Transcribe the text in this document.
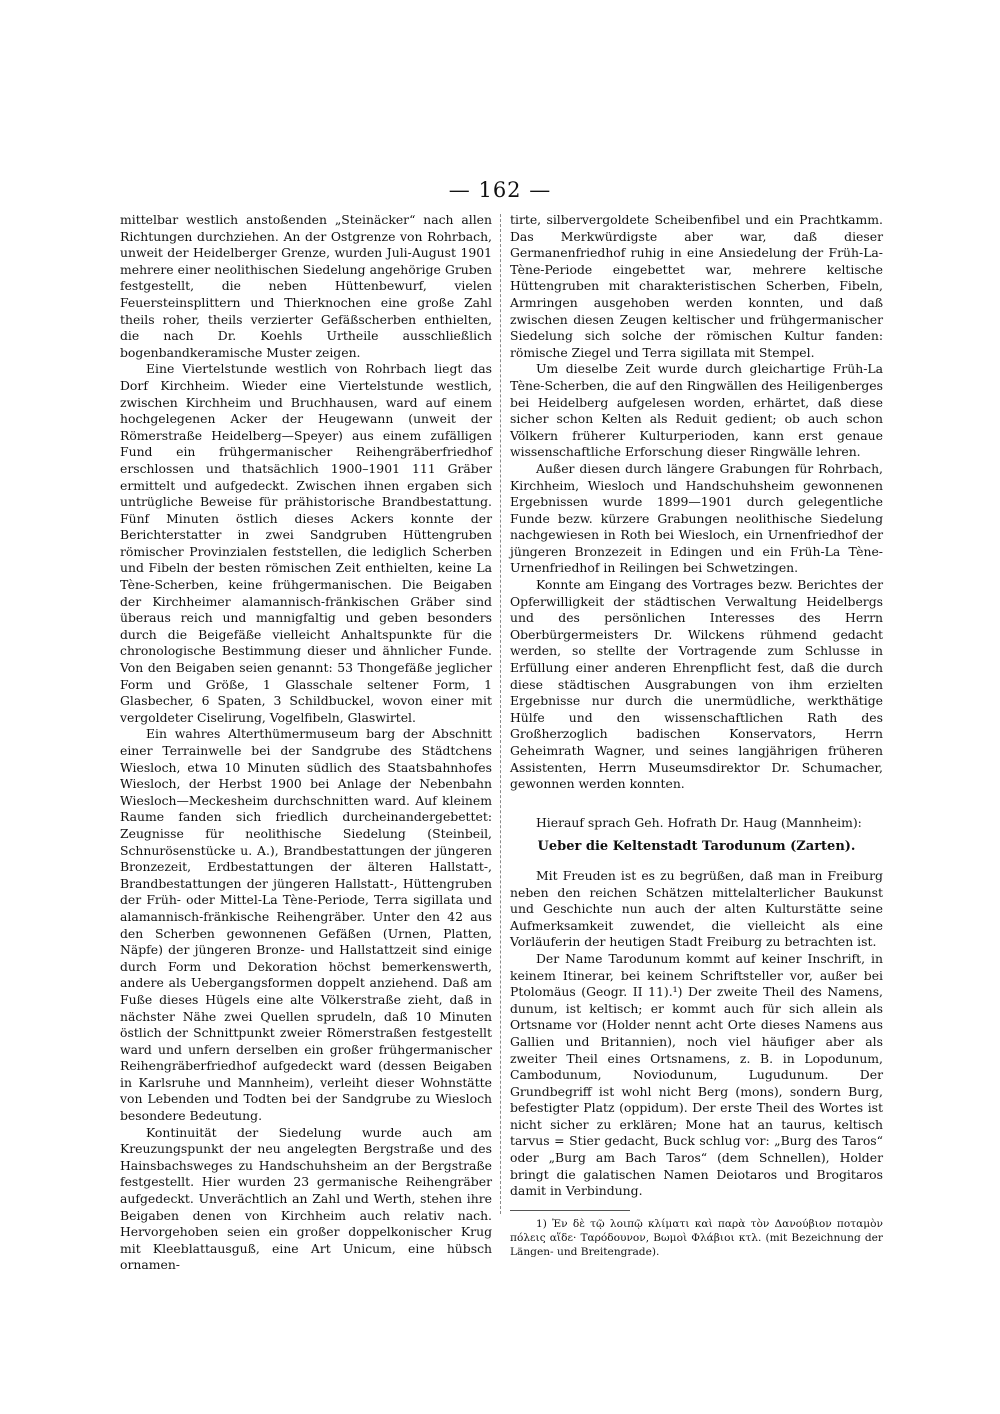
— 162 —

mittelbar westlich anstoßenden „Steinäcker“ nach allen Richtungen durchziehen. An der Ostgrenze von Rohrbach, unweit der Heidelberger Grenze, wurden Juli-August 1901 mehrere einer neolithischen Siedelung angehörige Gruben festgestellt, die neben Hüttenbewurf, vielen Feuersteinsplittern und Thierknochen eine große Zahl theils roher, theils verzierter Gefäßscherben enthielten, die nach Dr. Koehls Urtheile ausschließlich bogenbandkeramische Muster zeigen.

Eine Viertelstunde westlich von Rohrbach liegt das Dorf Kirchheim. Wieder eine Viertelstunde westlich, zwischen Kirchheim und Bruchhausen, ward auf einem hochgelegenen Acker der Heugewann (unweit der Römerstraße Heidelberg—Speyer) aus einem zufälligen Fund ein frühgermanischer Reihengräberfriedhof erschlossen und thatsächlich 1900–1901 111 Gräber ermittelt und aufgedeckt. Zwischen ihnen ergaben sich untrügliche Beweise für prähistorische Brandbestattung. Fünf Minuten östlich dieses Ackers konnte der Berichterstatter in zwei Sandgruben Hüttengruben römischer Provinzialen feststellen, die lediglich Scherben und Fibeln der besten römischen Zeit enthielten, keine La Tène-Scherben, keine frühgermanischen. Die Beigaben der Kirchheimer alamannisch-fränkischen Gräber sind überaus reich und mannigfaltig und geben besonders durch die Beigefäße vielleicht Anhaltspunkte für die chronologische Bestimmung dieser und ähnlicher Funde. Von den Beigaben seien genannt: 53 Thongefäße jeglicher Form und Größe, 1 Glasschale seltener Form, 1 Glasbecher, 6 Spaten, 3 Schildbuckel, wovon einer mit vergoldeter Ciselirung, Vogelfibeln, Glaswirtel.

Ein wahres Alterthümermuseum barg der Abschnitt einer Terrainwelle bei der Sandgrube des Städtchens Wiesloch, etwa 10 Minuten südlich des Staatsbahnhofes Wiesloch, der Herbst 1900 bei Anlage der Nebenbahn Wiesloch—Meckesheim durchschnitten ward. Auf kleinem Raume fanden sich friedlich durcheinandergebettet: Zeugnisse für neolithische Siedelung (Steinbeil, Schnurösenstücke u. A.), Brandbestattungen der jüngeren Bronzezeit, Erdbestattungen der älteren Hallstatt-, Brandbestattungen der jüngeren Hallstatt-, Hüttengruben der Früh- oder Mittel-La Tène-Periode, Terra sigillata und alamannisch-fränkische Reihengräber. Unter den 42 aus den Scherben gewonnenen Gefäßen (Urnen, Platten, Näpfe) der jüngeren Bronze- und Hallstattzeit sind einige durch Form und Dekoration höchst bemerkenswerth, andere als Uebergangsformen doppelt anziehend. Daß am Fuße dieses Hügels eine alte Völkerstraße zieht, daß in nächster Nähe zwei Quellen sprudeln, daß 10 Minuten östlich der Schnittpunkt zweier Römerstraßen festgestellt ward und unfern derselben ein großer frühgermanischer Reihengräberfriedhof aufgedeckt ward (dessen Beigaben in Karlsruhe und Mannheim), verleiht dieser Wohnstätte von Lebenden und Todten bei der Sandgrube zu Wiesloch besondere Bedeutung.

Kontinuität der Siedelung wurde auch am Kreuzungspunkt der neu angelegten Bergstraße und des Hainsbachsweges zu Handschuhsheim an der Bergstraße festgestellt. Hier wurden 23 germanische Reihengräber aufgedeckt. Unverächtlich an Zahl und Werth, stehen ihre Beigaben denen von Kirchheim auch relativ nach. Hervorgehoben seien ein großer doppelkonischer Krug mit Kleeblattausguß, eine Art Unicum, eine hübsch ornamen-

tirte, silbervergoldete Scheibenfibel und ein Prachtkamm. Das Merkwürdigste aber war, daß dieser Germanenfriedhof ruhig in eine Ansiedelung der Früh-La-Tène-Periode eingebettet war, mehrere keltische Hüttengruben mit charakteristischen Scherben, Fibeln, Armringen ausgehoben werden konnten, und daß zwischen diesen Zeugen keltischer und frühgermanischer Siedelung sich solche der römischen Kultur fanden: römische Ziegel und Terra sigillata mit Stempel.

Um dieselbe Zeit wurde durch gleichartige Früh-La Tène-Scherben, die auf den Ringwällen des Heiligenberges bei Heidelberg aufgelesen worden, erhärtet, daß diese sicher schon Kelten als Reduit gedient; ob auch schon Völkern früherer Kulturperioden, kann erst genaue wissenschaftliche Erforschung dieser Ringwälle lehren.

Außer diesen durch längere Grabungen für Rohrbach, Kirchheim, Wiesloch und Handschuhsheim gewonnenen Ergebnissen wurde 1899—1901 durch gelegentliche Funde bezw. kürzere Grabungen neolithische Siedelung nachgewiesen in Roth bei Wiesloch, ein Urnenfriedhof der jüngeren Bronzezeit in Edingen und ein Früh-La Tène-Urnenfriedhof in Reilingen bei Schwetzingen.

Konnte am Eingang des Vortrages bezw. Berichtes der Opferwilligkeit der städtischen Verwaltung Heidelbergs und des persönlichen Interesses des Herrn Oberbürgermeisters Dr. Wilckens rühmend gedacht werden, so stellte der Vortragende zum Schlusse in Erfüllung einer anderen Ehrenpflicht fest, daß die durch diese städtischen Ausgrabungen von ihm erzielten Ergebnisse nur durch die unermüdliche, werkthätige Hülfe und den wissenschaftlichen Rath des Großherzoglich badischen Konservators, Herrn Geheimrath Wagner, und seines langjährigen früheren Assistenten, Herrn Museumsdirektor Dr. Schumacher, gewonnen werden konnten.

Hierauf sprach Geh. Hofrath Dr. Haug (Mannheim):

Ueber die Keltenstadt Tarodunum (Zarten).

Mit Freuden ist es zu begrüßen, daß man in Freiburg neben den reichen Schätzen mittelalterlicher Baukunst und Geschichte nun auch der alten Kulturstätte seine Aufmerksamkeit zuwendet, die vielleicht als eine Vorläuferin der heutigen Stadt Freiburg zu betrachten ist.

Der Name Tarodunum kommt auf keiner Inschrift, in keinem Itinerar, bei keinem Schriftsteller vor, außer bei Ptolomäus (Geogr. II 11).¹) Der zweite Theil des Namens, dunum, ist keltisch; er kommt auch für sich allein als Ortsname vor (Holder nennt acht Orte dieses Namens aus Gallien und Britannien), noch viel häufiger aber als zweiter Theil eines Ortsnamens, z. B. in Lopodunum, Cambodunum, Noviodunum, Lugudunum. Der Grundbegriff ist wohl nicht Berg (mons), sondern Burg, befestigter Platz (oppidum). Der erste Theil des Wortes ist nicht sicher zu erklären; Mone hat an taurus, keltisch tarvus = Stier gedacht, Buck schlug vor: „Burg des Taros“ oder „Burg am Bach Taros“ (dem Schnellen), Holder bringt die galatischen Namen Deiotaros und Brogitaros damit in Verbindung.

1) Ἐν δὲ τῷ λοιπῷ κλίματι καὶ παρὰ τὸν Δανούβιον ποταμὸν πόλεις αἵδε· Ταρόδουνον, Βωμοὶ Φλάβιοι κτλ. (mit Bezeichnung der Längen- und Breitengrade).
